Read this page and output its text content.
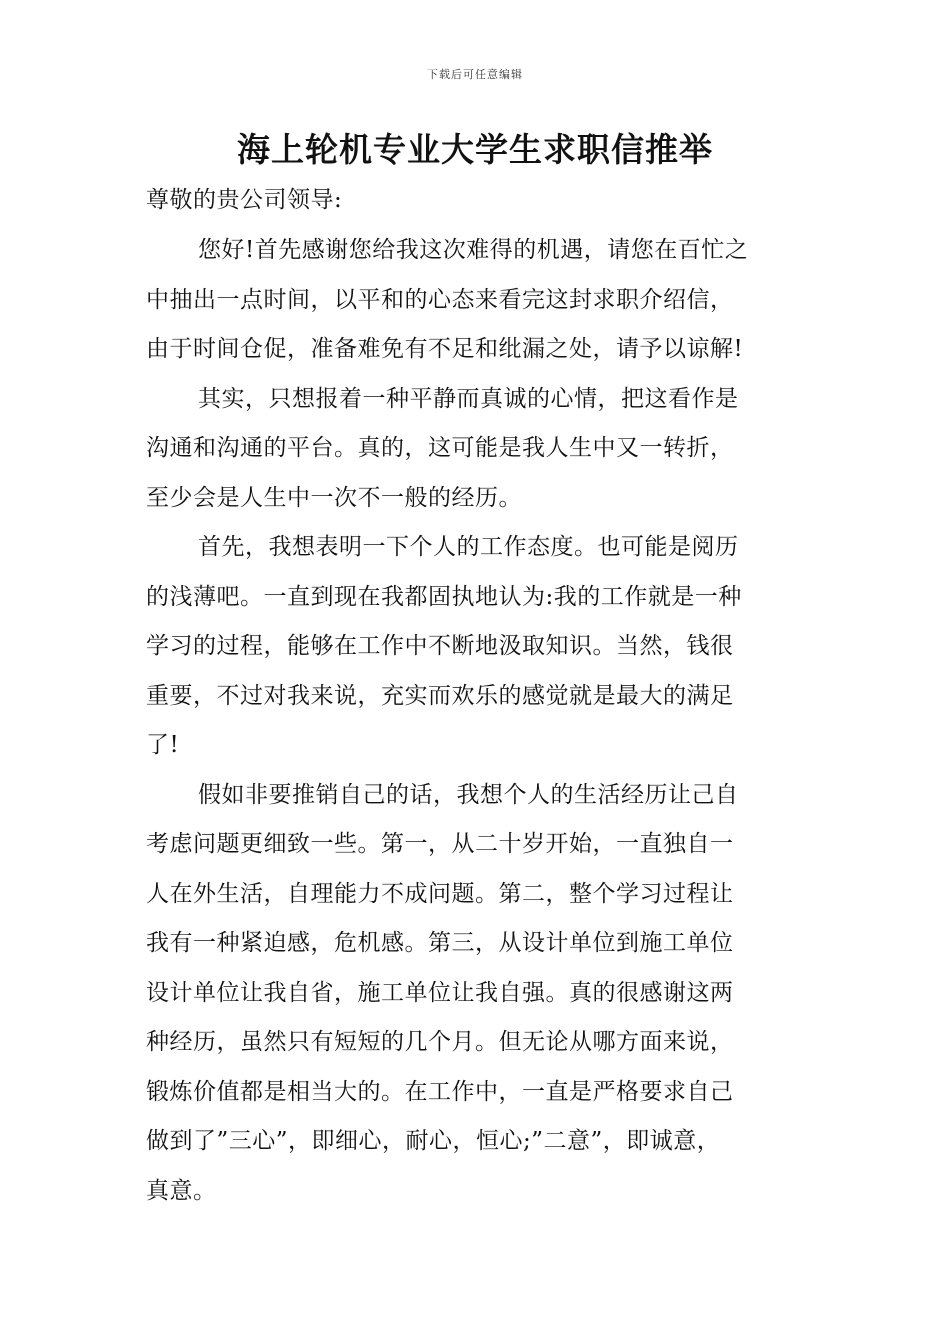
下载后可任意编辑
海上轮机专业大学生求职信推举
尊敬的贵公司领导:
您好!首先感谢您给我这次难得的机遇，请您在百忙之
中抽出一点时间，以平和的心态来看完这封求职介绍信，
由于时间仓促，准备难免有不足和纰漏之处，请予以谅解!
其实，只想报着一种平静而真诚的心情，把这看作是
沟通和沟通的平台。真的，这可能是我人生中又一转折，
至少会是人生中一次不一般的经历。
首先，我想表明一下个人的工作态度。也可能是阅历
的浅薄吧。一直到现在我都固执地认为:我的工作就是一种
学习的过程，能够在工作中不断地汲取知识。当然，钱很
重要，不过对我来说，充实而欢乐的感觉就是最大的满足
了!
假如非要推销自己的话，我想个人的生活经历让己自
考虑问题更细致一些。第一，从二十岁开始，一直独自一
人在外生活，自理能力不成问题。第二，整个学习过程让
我有一种紧迫感，危机感。第三，从设计单位到施工单位
设计单位让我自省，施工单位让我自强。真的很感谢这两
种经历，虽然只有短短的几个月。但无论从哪方面来说，
锻炼价值都是相当大的。在工作中，一直是严格要求自己
做到了”三心”，即细心，耐心，恒心;”二意”，即诚意，
真意。
